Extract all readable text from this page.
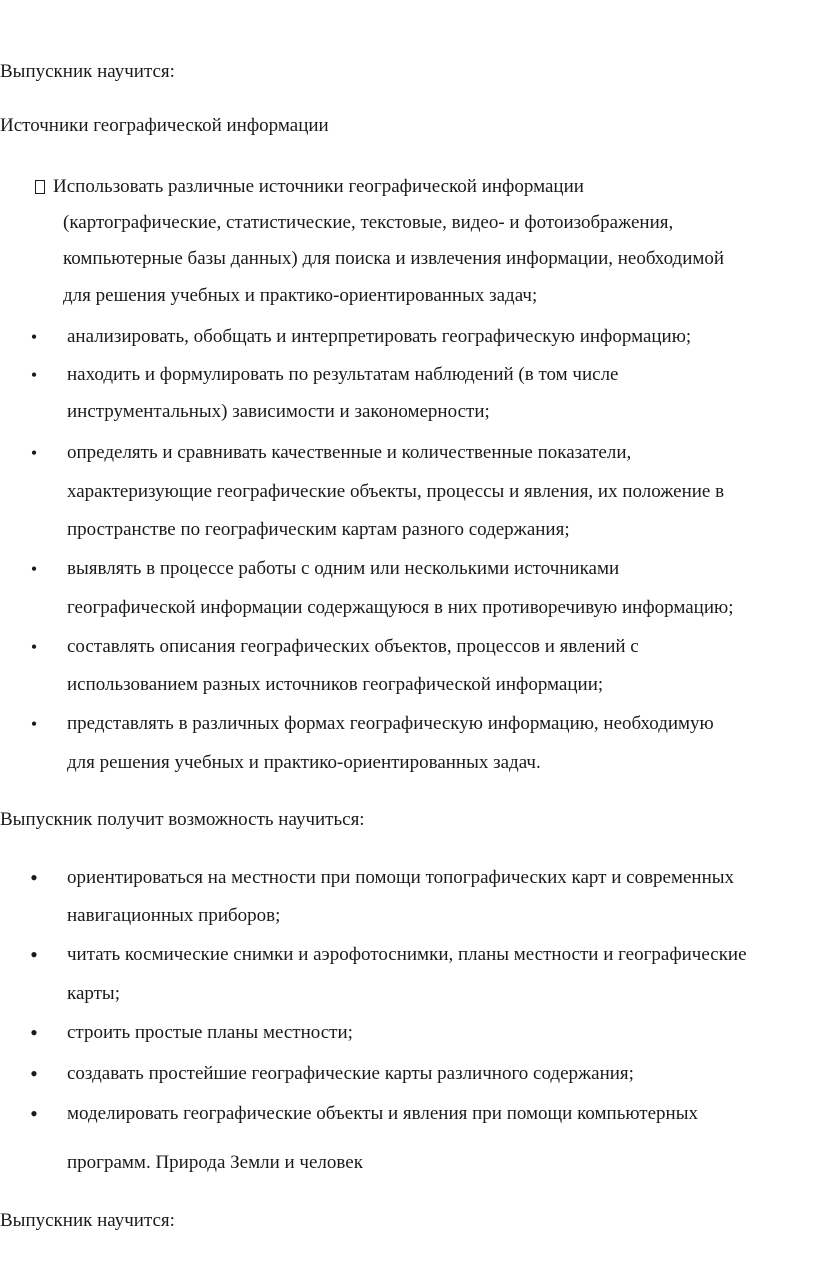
Выпускник научится:
Источники географической информации
Использовать различные источники географической информации
(картографические, статистические, текстовые, видео- и фотоизображения,
компьютерные базы данных) для поиска и извлечения информации, необходимой
для решения учебных и практико-ориентированных задач;
• анализировать, обобщать и интерпретировать географическую информацию;
• находить и формулировать по результатам наблюдений (в том числе
инструментальных) зависимости и закономерности;
• определять и сравнивать качественные и количественные показатели,
характеризующие географические объекты, процессы и явления, их положение в
пространстве по географическим картам разного содержания;
• выявлять в процессе работы с одним или несколькими источниками
географической информации содержащуюся в них противоречивую информацию;
• составлять описания географических объектов, процессов и явлений с
использованием разных источников географической информации;
• представлять в различных формах географическую информацию, необходимую
для решения учебных и практико-ориентированных задач.
Выпускник получит возможность научиться:
• ориентироваться на местности при помощи топографических карт и современных
навигационных приборов;
• читать космические снимки и аэрофотоснимки, планы местности и географические
карты;
• строить простые планы местности;
• создавать простейшие географические карты различного содержания;
• моделировать географические объекты и явления при помощи компьютерных
программ. Природа Земли и человек
Выпускник научится:
